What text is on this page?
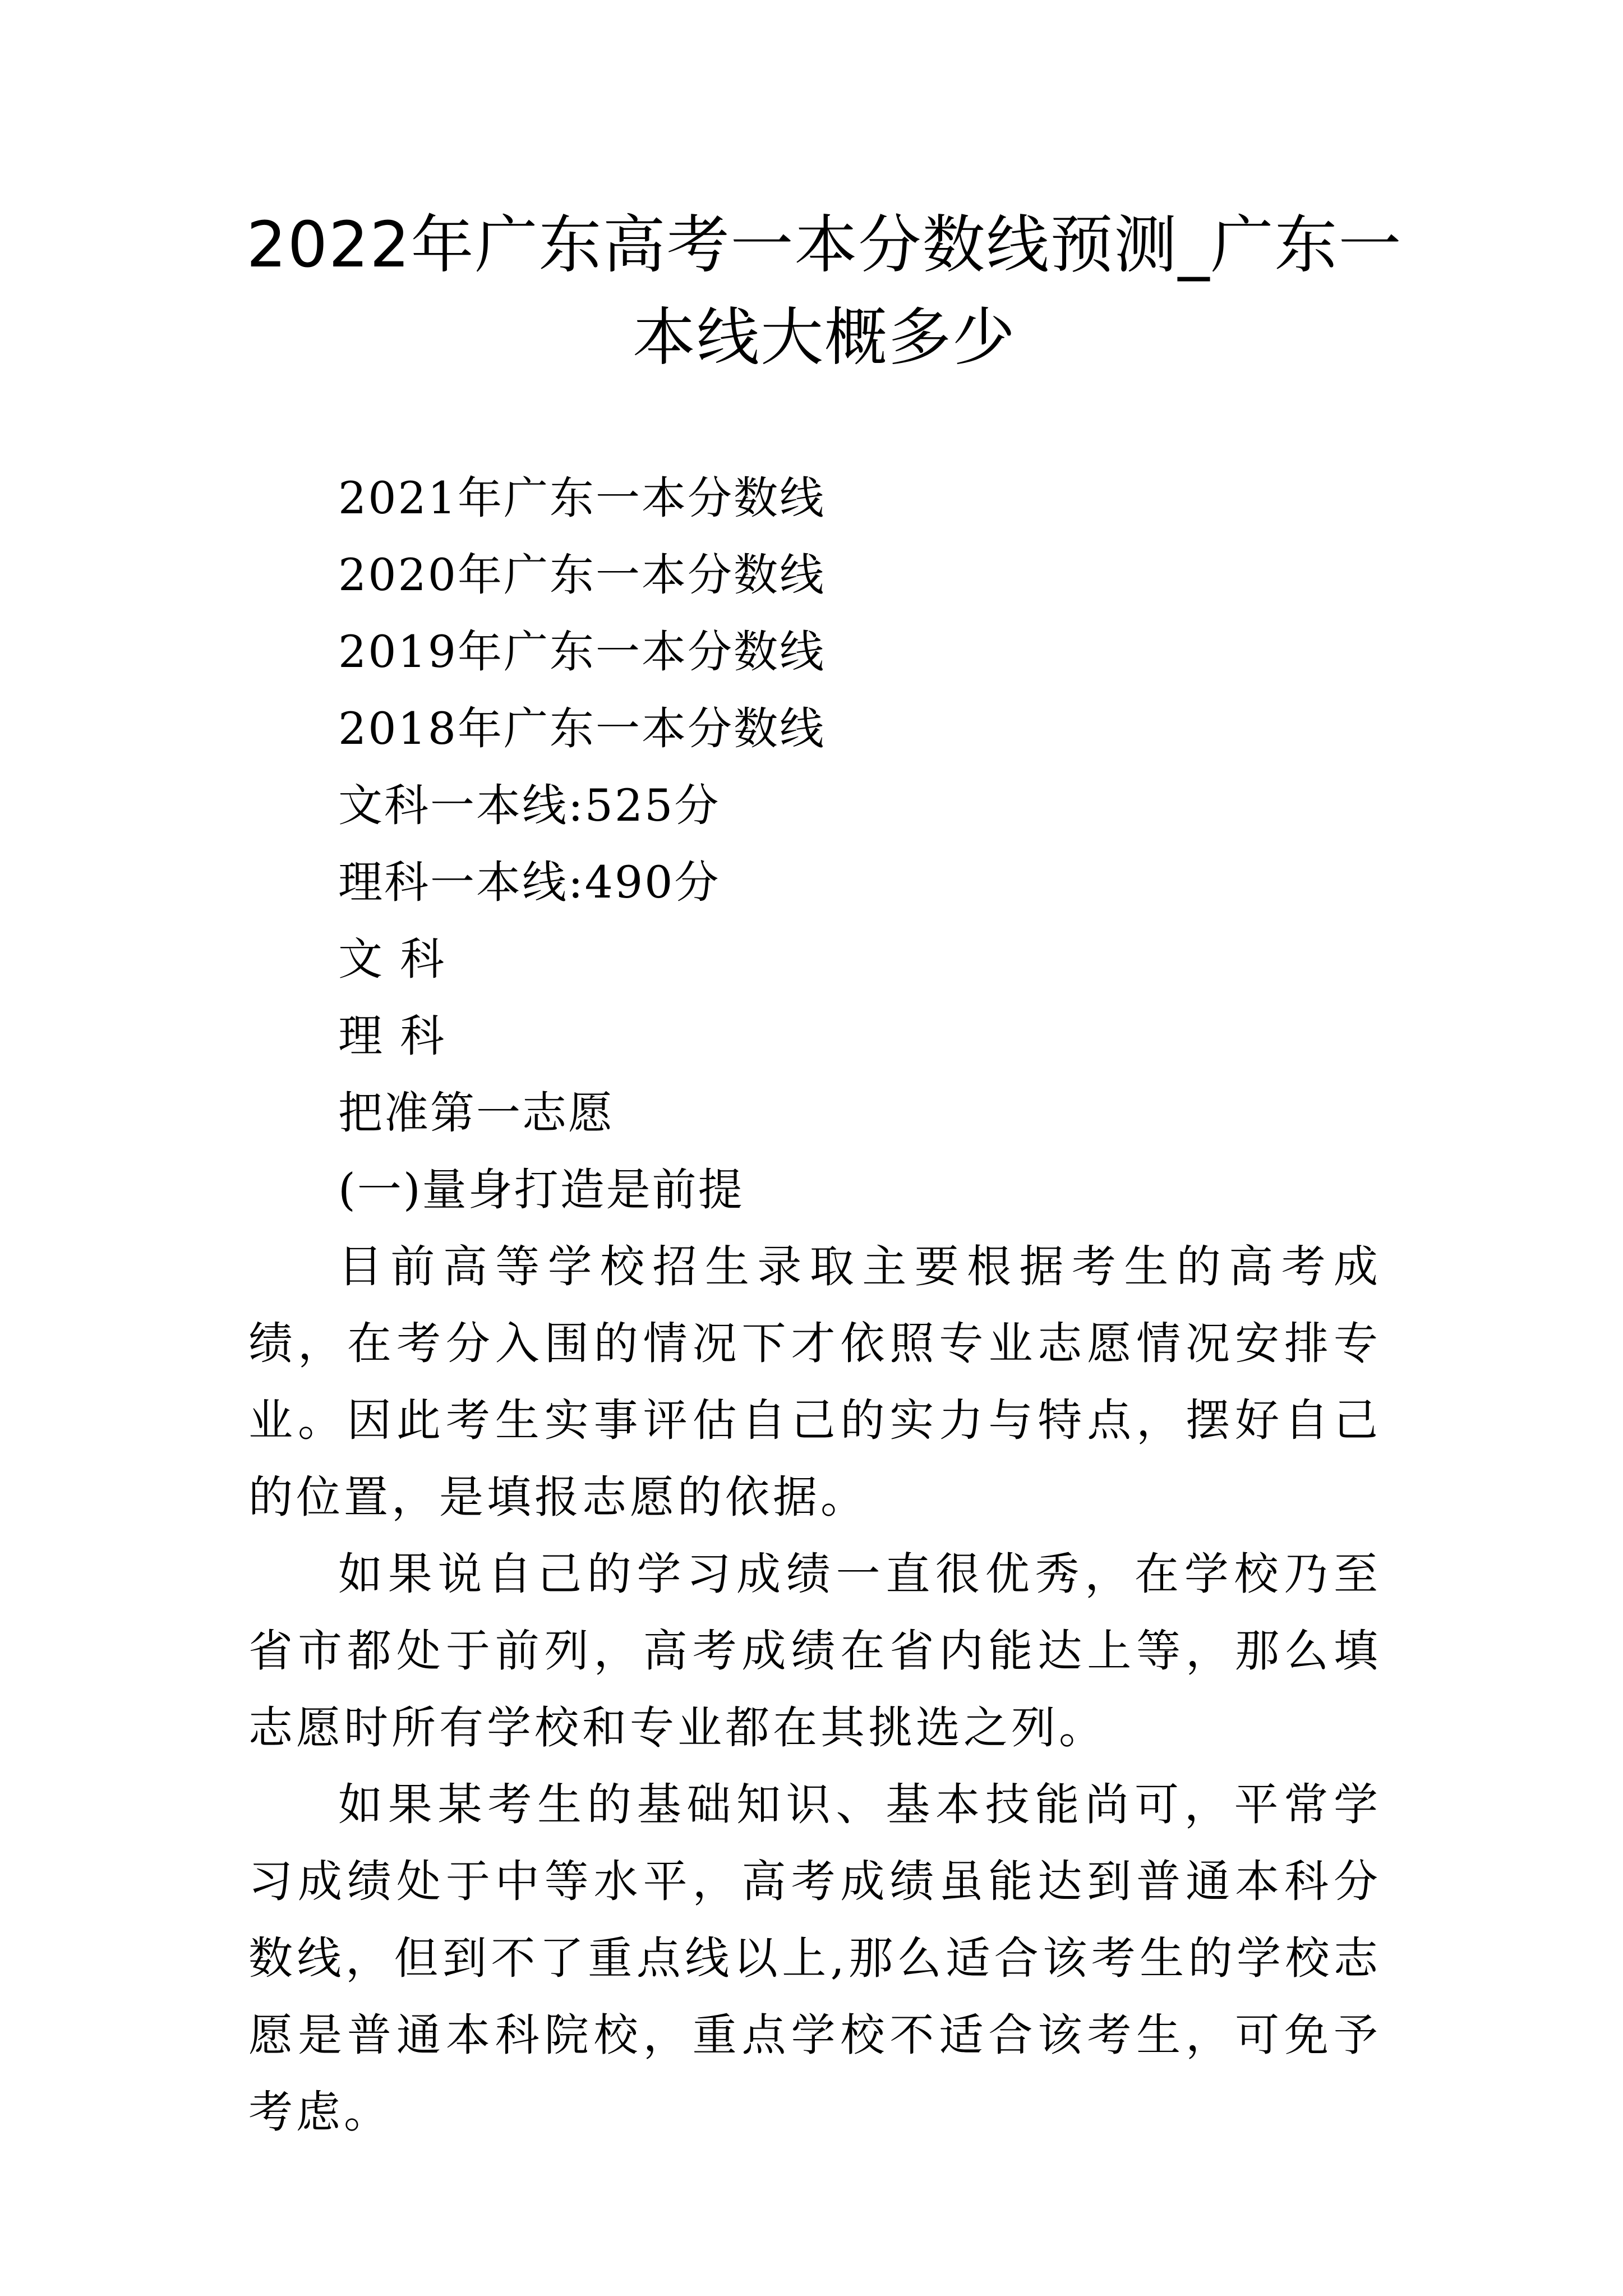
2022年广东高考一本分数线预测_广东一本线大概多少

2021年广东一本分数线

2020年广东一本分数线

2019年广东一本分数线

2018年广东一本分数线

文科一本线:525分

理科一本线:490分

文 科

理 科

把准第一志愿

(一)量身打造是前提

目前高等学校招生录取主要根据考生的高考成绩，在考分入围的情况下才依照专业志愿情况安排专业。因此考生实事评估自己的实力与特点，摆好自己的位置，是填报志愿的依据。

如果说自己的学习成绩一直很优秀，在学校乃至省市都处于前列，高考成绩在省内能达上等，那么填志愿时所有学校和专业都在其挑选之列。

如果某考生的基础知识、基本技能尚可，平常学习成绩处于中等水平，高考成绩虽能达到普通本科分数线，但到不了重点线以上,那么适合该考生的学校志愿是普通本科院校，重点学校不适合该考生，可免予考虑。
